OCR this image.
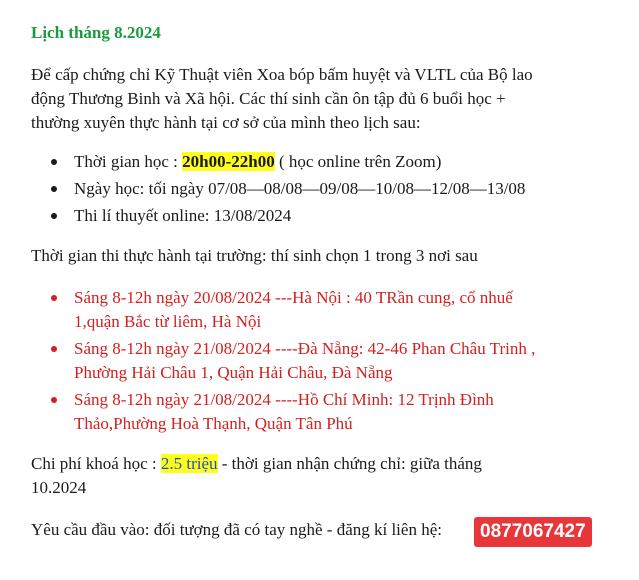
Lịch tháng 8.2024
Để cấp chứng chỉ Kỹ Thuật viên Xoa bóp bấm huyệt và VLTL của Bộ lao
động Thương Binh và Xã hội. Các thí sinh cần ôn tập đủ 6 buổi học +
thường xuyên thực hành tại cơ sở của mình theo lịch sau:
Thời gian học : 20h00-22h00 ( học online trên Zoom)
Ngày học: tối ngày 07/08—08/08—09/08—10/08—12/08—13/08
Thi lí thuyết online: 13/08/2024
Thời gian thi thực hành tại trường: thí sinh chọn 1 trong 3 nơi sau
Sáng 8-12h ngày 20/08/2024 ---Hà Nội : 40 TRần cung, cổ nhuế
1,quận Bắc từ liêm, Hà Nội
Sáng 8-12h ngày 21/08/2024 ----Đà Nẵng: 42-46 Phan Châu Trinh ,
Phường Hải Châu 1, Quận Hải Châu, Đà Nẵng
Sáng 8-12h ngày 21/08/2024 ----Hồ Chí Minh: 12 Trịnh Đình
Thảo,Phường Hoà Thạnh, Quận Tân Phú
Chi phí khoá học : 2.5 triệu - thời gian nhận chứng chỉ: giữa tháng
10.2024
Yêu cầu đầu vào: đối tượng đã có tay nghề - đăng kí liên hệ:	0877067427
